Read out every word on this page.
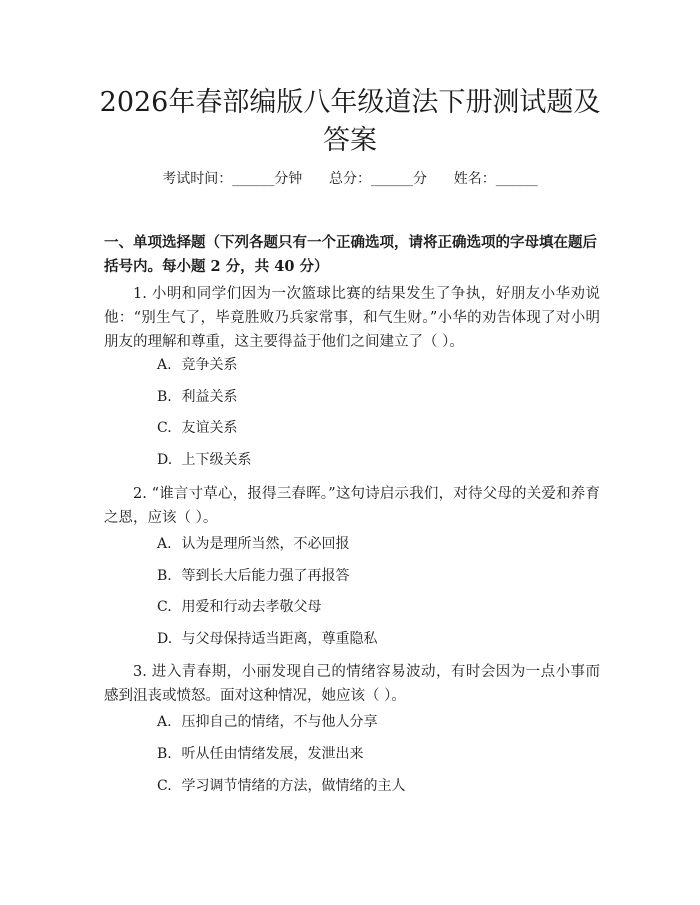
2026年春部编版八年级道法下册测试题及答案
考试时间：______分钟      总分：______分      姓名：______

一、单项选择题（下列各题只有一个正确选项，请将正确选项的字母填在题后括号内。每小题 2 分，共 40 分）

1. 小明和同学们因为一次篮球比赛的结果发生了争执，好朋友小华劝说他：“别生气了，毕竟胜败乃兵家常事，和气生财。”小华的劝告体现了对小明朋友的理解和尊重，这主要得益于他们之间建立了（ ）。

A. 竞争关系
B. 利益关系
C. 友谊关系
D. 上下级关系

2. “谁言寸草心，报得三春晖。”这句诗启示我们，对待父母的关爱和养育之恩，应该（ ）。

A. 认为是理所当然，不必回报
B. 等到长大后能力强了再报答
C. 用爱和行动去孝敬父母
D. 与父母保持适当距离，尊重隐私

3. 进入青春期，小丽发现自己的情绪容易波动，有时会因为一点小事而感到沮丧或愤怒。面对这种情况，她应该（ ）。

A. 压抑自己的情绪，不与他人分享
B. 听从任由情绪发展，发泄出来
C. 学习调节情绪的方法，做情绪的主人
